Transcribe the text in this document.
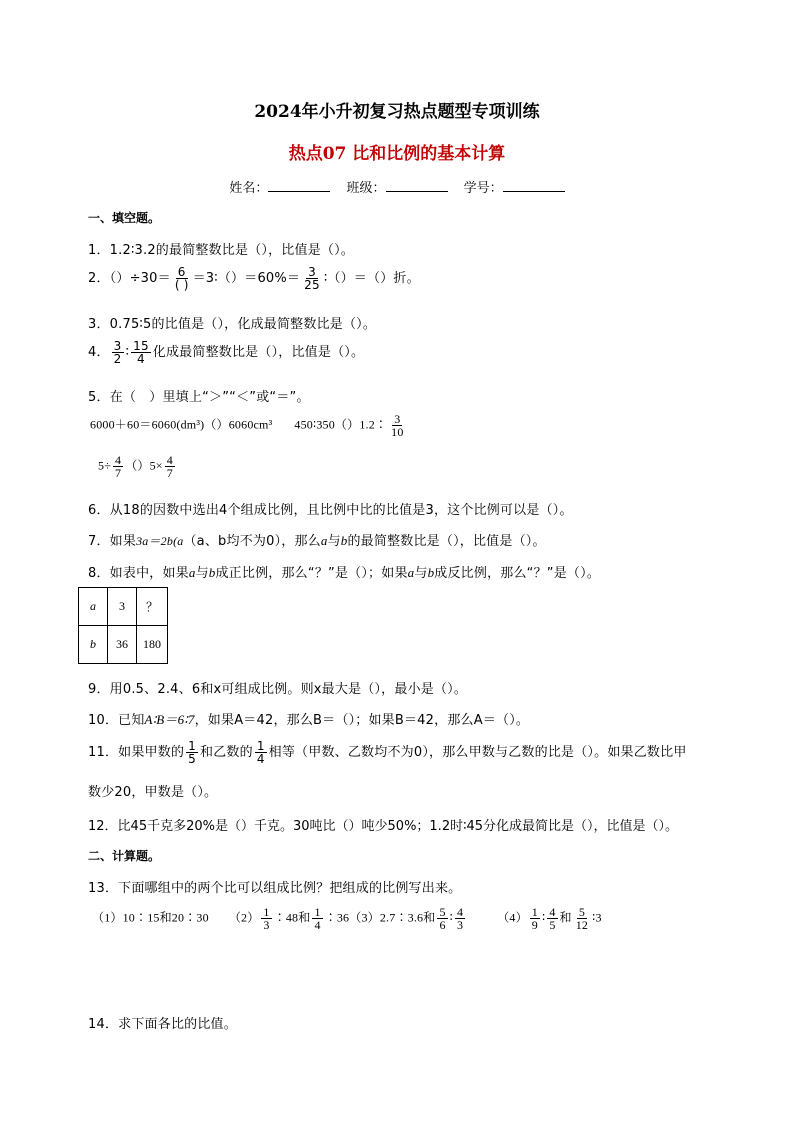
2024年小升初复习热点题型专项训练
热点07 比和比例的基本计算
姓名：	班级：	学号：
一、填空题。
1．1.2∶3.2的最简整数比是（），比值是（）。
2．$()\div 30= \frac{6}{( )}$ ＝3∶（）＝60%＝ $\frac{3}{25}$ ∶（）＝（）折。
3．0.75∶5的比值是（），化成最简整数比是（）。
4． $\frac{3}{2}$ ∶ $\frac{15}{4}$ 化成最简整数比是（），比值是（）。
5．在（　）里填上“＞”“＜”或“＝”。
6000＋60＝6060(dm³)（）6060cm³ 450∶350（）1.2∶ $\frac{3}{10}$
$5\div \frac{4}{7} ()5\times \frac{4}{7}$
6．从18的因数中选出4个组成比例，且比例中比的比值是3，这个比例可以是（）。
7．如果3a＝2b(a（a、b均不为0），那么a与b的最简整数比是（），比值是（）。
8．如表中，如果a与b成正比例，那么“？”是（）；如果a与b成反比例，那么“？”是（）。
a	3	？
b	36	180
9．用0.5、2.4、6和x可组成比例。则x最大是（），最小是（）。
10．已知A∶B＝6∶7，如果A＝42，那么B＝（）；如果B＝42，那么A＝（）。
11．如果甲数的 $\frac{1}{5}$ 和乙数的 $\frac{1}{4}$ 相等（甲数、乙数均不为0），那么甲数与乙数的比是（）。如果乙数比甲
数少20，甲数是（）。
12．比45千克多20%是（）千克。30吨比（）吨少50%；1.2时∶45分化成最简比是（），比值是（）。
二、计算题。
13．下面哪组中的两个比可以组成比例？把组成的比例写出来。
（1）10∶15和20∶30 $(2) \frac{1}{3}$ ∶48和 $\frac{1}{4}$ ∶36（3）2.7∶3.6和 $\frac{5}{6}$ ∶ $\frac{4}{3}$	$(4) \frac{1}{9}$ ∶ $\frac{4}{5}$ 和 $\frac{5}{12}$ ∶3
14．求下面各比的比值。
